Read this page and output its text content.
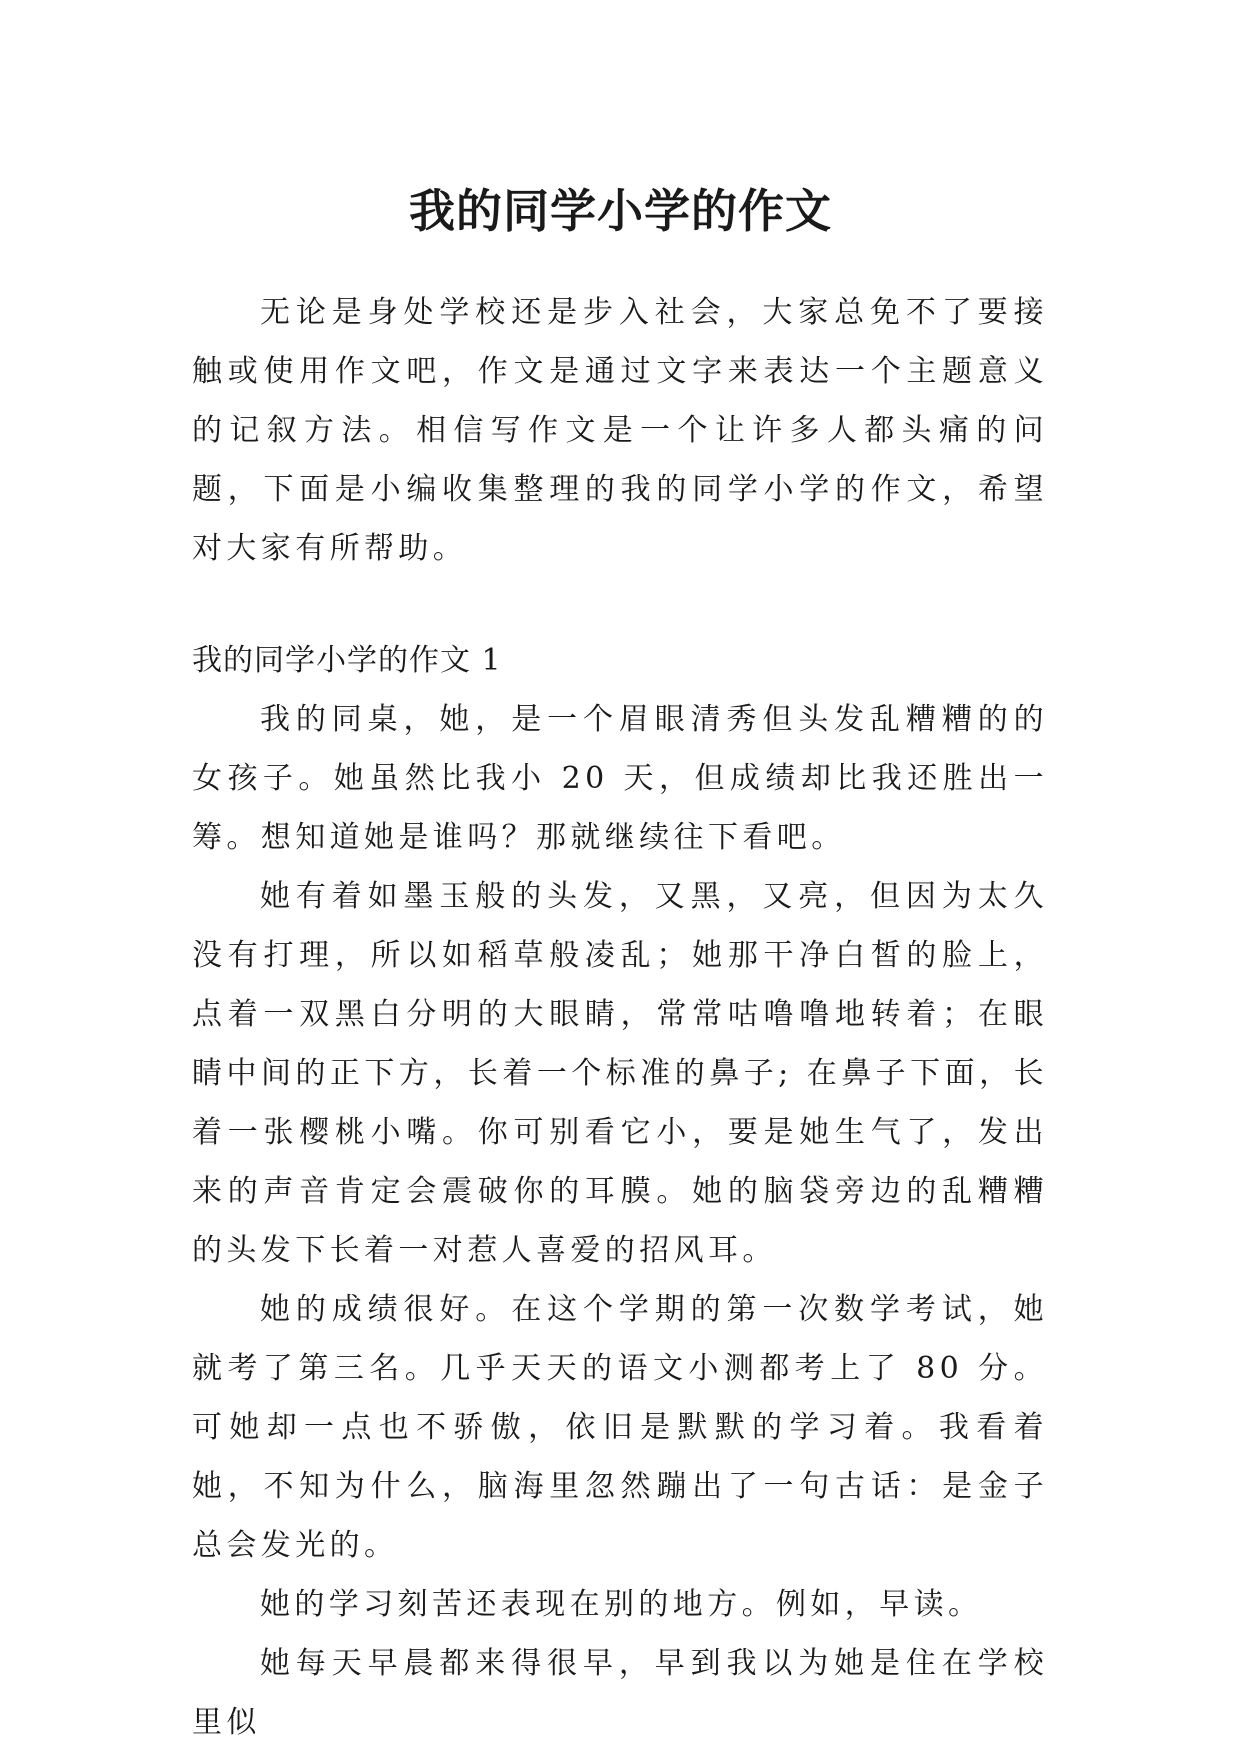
我的同学小学的作文

无论是身处学校还是步入社会，大家总免不了要接触或使用作文吧，作文是通过文字来表达一个主题意义的记叙方法。相信写作文是一个让许多人都头痛的问题，下面是小编收集整理的我的同学小学的作文，希望对大家有所帮助。

我的同学小学的作文 1

我的同桌，她，是一个眉眼清秀但头发乱糟糟的的女孩子。她虽然比我小 20 天，但成绩却比我还胜出一筹。想知道她是谁吗？那就继续往下看吧。

她有着如墨玉般的头发，又黑，又亮，但因为太久没有打理，所以如稻草般凌乱；她那干净白皙的脸上，点着一双黑白分明的大眼睛，常常咕噜噜地转着；在眼睛中间的正下方，长着一个标准的鼻子; 在鼻子下面，长着一张樱桃小嘴。你可别看它小，要是她生气了，发出来的声音肯定会震破你的耳膜。她的脑袋旁边的乱糟糟的头发下长着一对惹人喜爱的招风耳。

她的成绩很好。在这个学期的第一次数学考试，她就考了第三名。几乎天天的语文小测都考上了 80 分。可她却一点也不骄傲，依旧是默默的学习着。我看着她，不知为什么，脑海里忽然蹦出了一句古话：是金子总会发光的。

她的学习刻苦还表现在别的地方。例如，早读。

她每天早晨都来得很早，早到我以为她是住在学校里似
